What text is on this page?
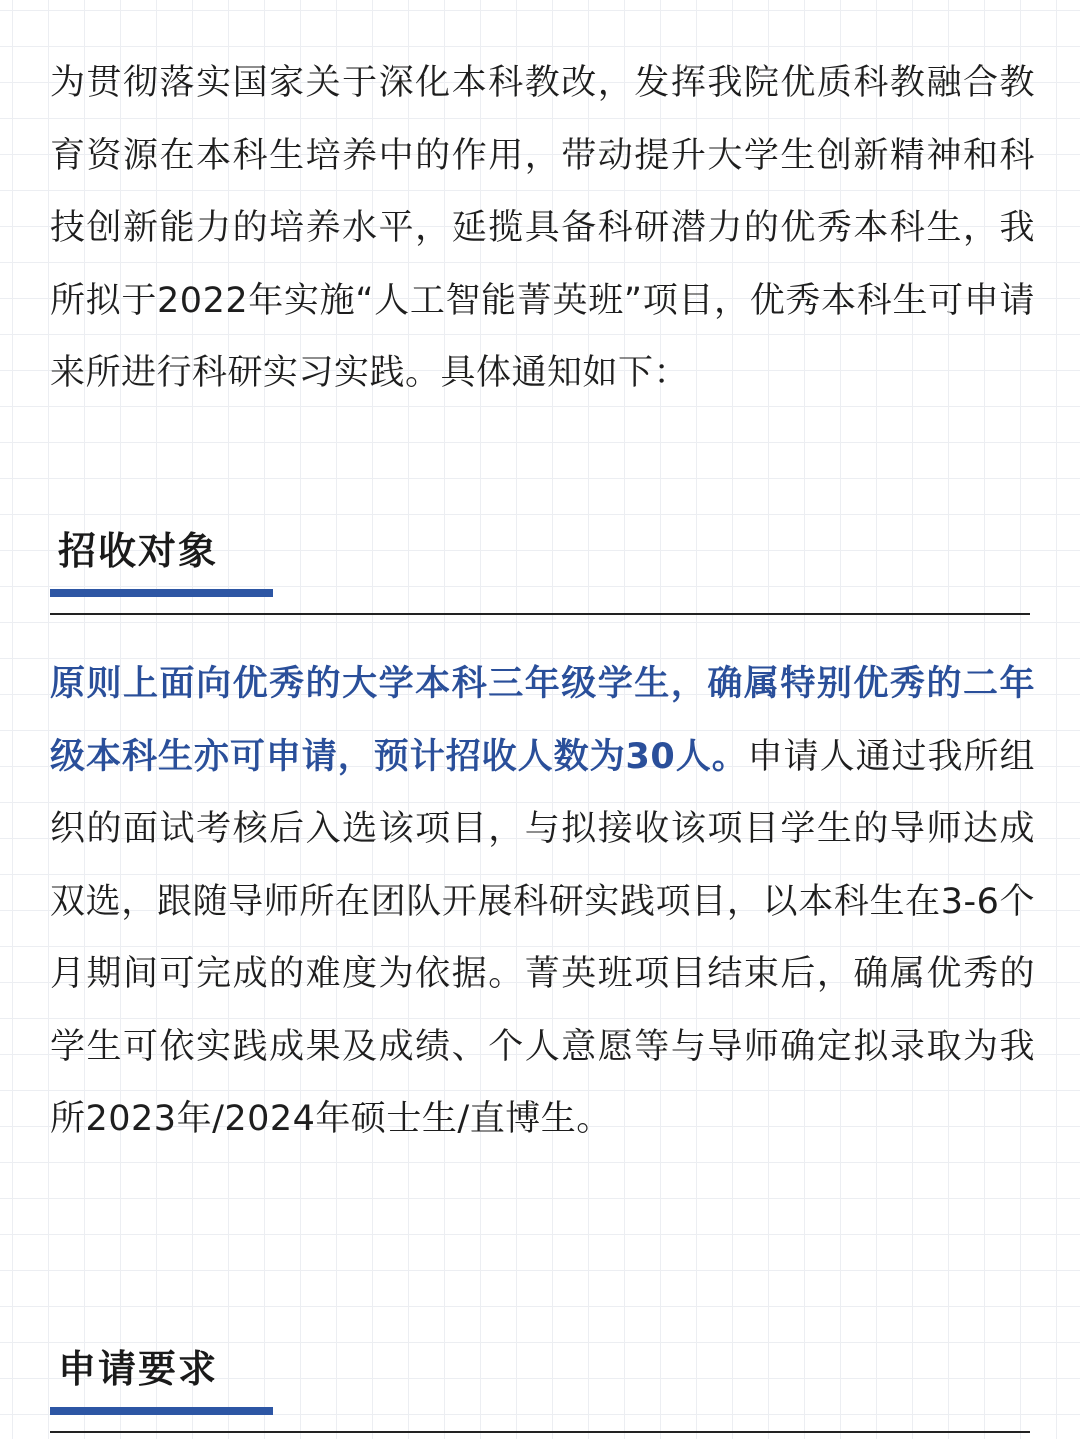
为贯彻落实国家关于深化本科教改，发挥我院优质科教融合教育资源在本科生培养中的作用，带动提升大学生创新精神和科技创新能力的培养水平，延揽具备科研潜力的优秀本科生，我所拟于2022年实施“人工智能菁英班”项目，优秀本科生可申请来所进行科研实习实践。具体通知如下：

招收对象

原则上面向优秀的大学本科三年级学生，确属特别优秀的二年级本科生亦可申请，预计招收人数为30人。申请人通过我所组织的面试考核后入选该项目，与拟接收该项目学生的导师达成双选，跟随导师所在团队开展科研实践项目，以本科生在3-6个月期间可完成的难度为依据。菁英班项目结束后，确属优秀的学生可依实践成果及成绩、个人意愿等与导师确定拟录取为我所2023年/2024年硕士生/直博生。

申请要求
